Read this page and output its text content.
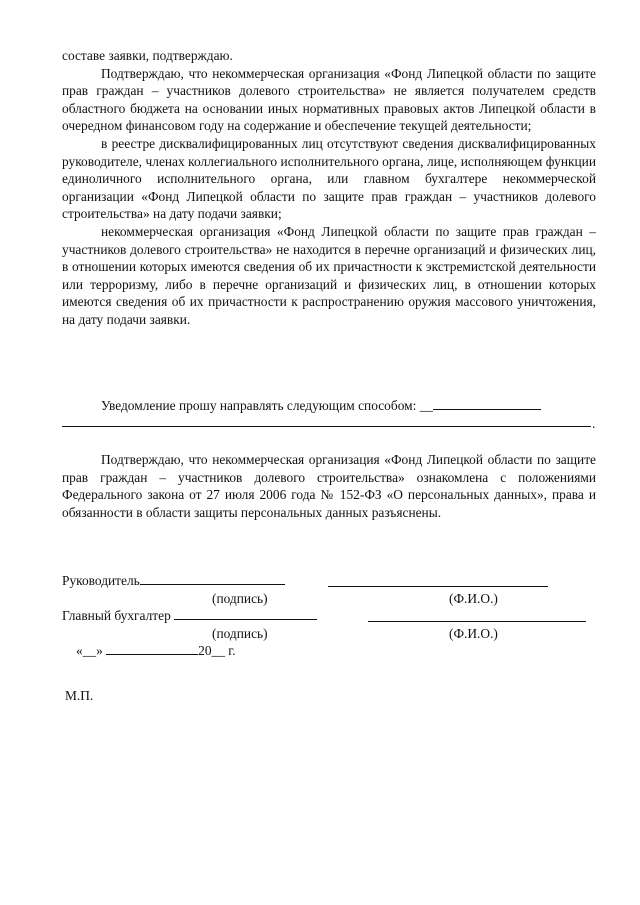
составе заявки, подтверждаю.

Подтверждаю, что некоммерческая организация «Фонд Липецкой области по защите прав граждан – участников долевого строительства» не является получателем средств областного бюджета на основании иных нормативных правовых актов Липецкой области в очередном финансовом году на содержание и обеспечение текущей деятельности;

в реестре дисквалифицированных лиц отсутствуют сведения дисквалифицированных руководителе, членах коллегиального исполнительного органа, лице, исполняющем функции единоличного исполнительного органа, или главном бухгалтере некоммерческой организации «Фонд Липецкой области по защите прав граждан – участников долевого строительства» на дату подачи заявки;

некоммерческая организация «Фонд Липецкой области по защите прав граждан – участников долевого строительства» не находится в перечне организаций и физических лиц, в отношении которых имеются сведения об их причастности к экстремистской деятельности или терроризму, либо в перечне организаций и физических лиц, в отношении которых имеются сведения об их причастности к распространению оружия массового уничтожения, на дату подачи заявки.

Уведомление прошу направлять следующим способом: __

.

Подтверждаю, что некоммерческая организация «Фонд Липецкой области по защите прав граждан – участников долевого строительства» ознакомлена с положениями Федерального закона от 27 июля 2006 года № 152-ФЗ «О персональных данных», права и обязанности в области защиты персональных данных разъяснены.

Руководитель
(подпись)	(Ф.И.О.)
Главный бухгалтер
(подпись)	(Ф.И.О.)
«__»	20__ г.
М.П.
